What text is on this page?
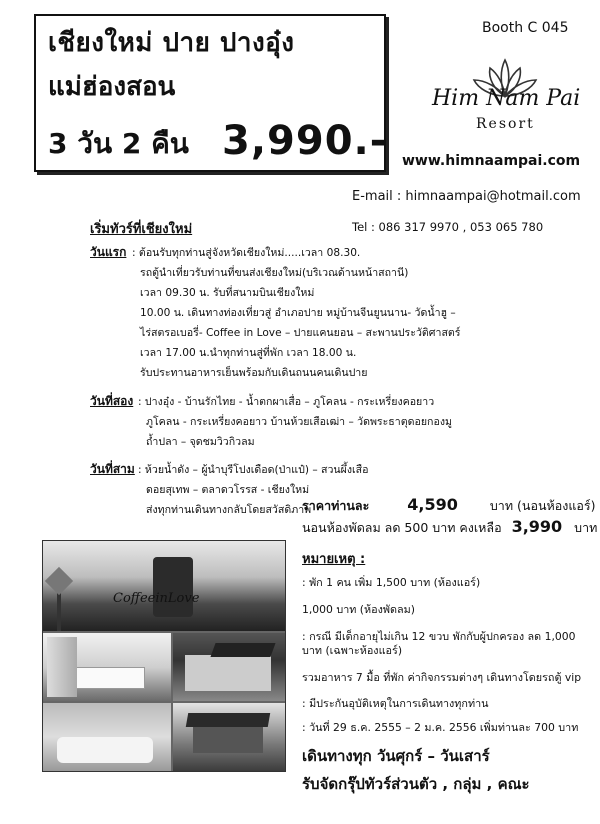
เชียงใหม่ ปาย ปางอุ๋ง
แม่ฮ่องสอน
3 วัน 2 คืน 3,990.-
Booth C 045
Him Nam Pai
Resort
www.himnaampai.com
E-mail : himnaampai@hotmail.com
เริ่มทัวร์ที่เชียงใหม่	Tel : 086 317 9970 , 053 065 780
วันแรก : ต้อนรับทุกท่านสู่จังหวัดเชียงใหม่.....เวลา 08.30.
รถตู้นำเที่ยวรับท่านที่ขนส่งเชียงใหม่(บริเวณด้านหน้าสถานี)
เวลา 09.30 น. รับที่สนามบินเชียงใหม่
10.00 น. เดินทางท่องเที่ยวสู่ อำเภอปาย หมู่บ้านจีนยูนนาน- วัดน้ำฮู –
ไร่สตรอเบอรี่- Coffee in Love – ปายแคนยอน – สะพานประวัติศาสตร์
เวลา 17.00 น.นำทุกท่านสู่ที่พัก เวลา 18.00 น.
รับประทานอาหารเย็นพร้อมกับเดินถนนคนเดินปาย
วันที่สอง : ปางอุ๋ง - บ้านรักไทย - น้ำตกผาเสื่อ – ภูโคลน - กระเหรี่ยงคอยาว
ภูโคลน - กระเหรี่ยงคอยาว บ้านห้วยเสือเฒ่า – วัดพระธาตุดอยกองมู
ถ้ำปลา – จุดชมวิวกิวลม
วันที่สาม : ห้วยน้ำดัง – ผู้นำบุรีโปงเดือด(ป่าแป๋) – สวนผึ้งเสือ
ดอยสุเทพ – ตลาดวโรรส - เชียงใหม่
ส่งทุกท่านเดินทางกลับโดยสวัสดิภาพ
ราคาท่านละ 4,590	บาท (นอนห้องแอร์)
นอนห้องพัดลม ลด 500 บาท คงเหลือ 3,990 บาท
หมายเหตุ :
: พัก 1 คน เพิ่ม 1,500 บาท (ห้องแอร์)
1,000 บาท (ห้องพัดลม)
: กรณี มีเด็กอายุไม่เกิน 12 ขวบ พักกับผู้ปกครอง ลด 1,000
บาท (เฉพาะห้องแอร์)
รวมอาหาร 7 มื้อ ที่พัก ค่ากิจกรรมต่างๆ เดินทางโดยรถตู้ vip
: มีประกันอุบัติเหตุในการเดินทางทุกท่าน
: วันที่ 29 ธ.ค. 2555 – 2 ม.ค. 2556 เพิ่มท่านละ 700 บาท
เดินทางทุก วันศุกร์ – วันเสาร์
รับจัดกรุ๊ปทัวร์ส่วนตัว , กลุ่ม , คณะ
CoffeeinLove
